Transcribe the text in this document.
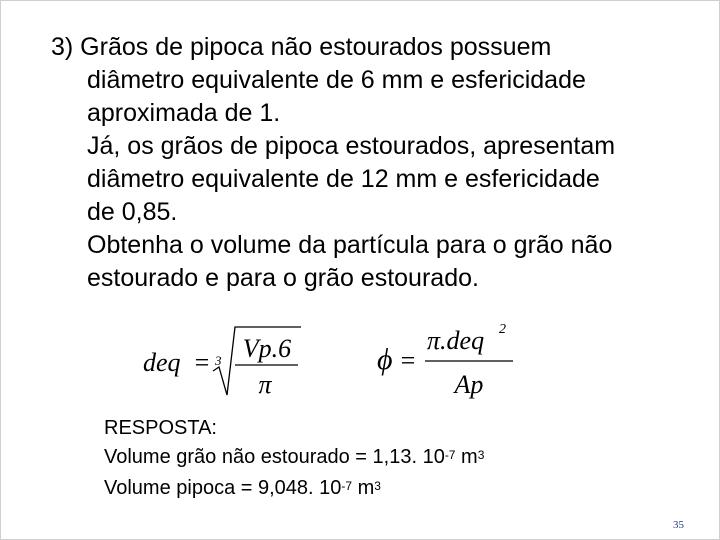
3) Grãos de pipoca não estourados possuem
diâmetro equivalente de 6 mm e esfericidade
aproximada de 1.
Já, os grãos de pipoca estourados, apresentam
diâmetro equivalente de 12 mm e esfericidade
de 0,85.
Obtenha o volume da partícula para o grão não
estourado e para o grão estourado.
deq = 3 Vp.6
π
ϕ =
π.deq 2
Ap
RESPOSTA:
Volume grão não estourado = 1,13. $10^{-7}$ $m^3$
Volume pipoca = 9,048. $10^{-7}$ $m^3$
35
